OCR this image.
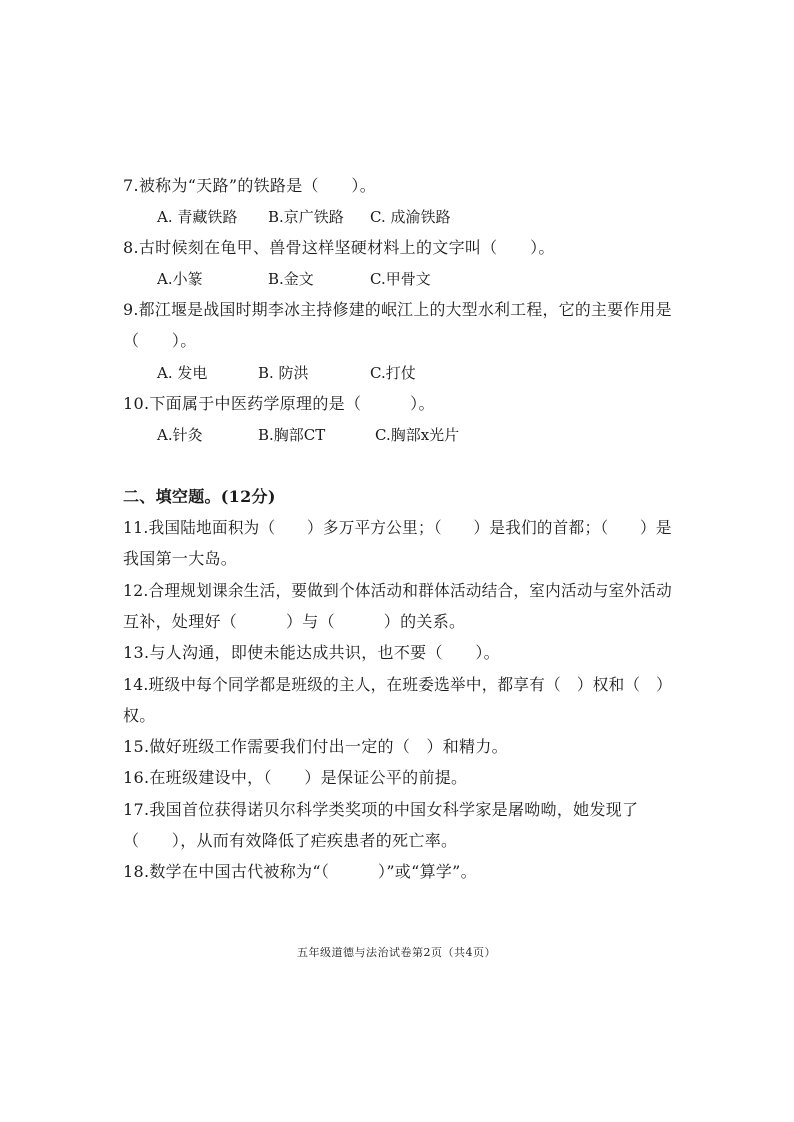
7.被称为“天路”的铁路是（　　）。
A. 青藏铁路 B.京广铁路 C. 成渝铁路
8.古时候刻在龟甲、兽骨这样坚硬材料上的文字叫（　　）。
A.小篆	B.金文	C.甲骨文
9.都江堰是战国时期李冰主持修建的岷江上的大型水利工程，它的主要作用是
（　　）。
A. 发电	B. 防洪	C.打仗
10.下面属于中医药学原理的是（　　　）。
A.针灸	B.胸部CT	C.胸部x光片
二、填空题。(12分)
11.我国陆地面积为（　　）多万平方公里；（　　）是我们的首都；（　　）是
我国第一大岛。
12.合理规划课余生活，要做到个体活动和群体活动结合，室内活动与室外活动
互补，处理好（　　　）与（　　　）的关系。
13.与人沟通，即使未能达成共识，也不要（　　）。
14.班级中每个同学都是班级的主人，在班委选举中，都享有（　）权和（　）
权。
15.做好班级工作需要我们付出一定的（　）和精力。
16.在班级建设中，（　　）是保证公平的前提。
17.我国首位获得诺贝尔科学类奖项的中国女科学家是屠呦呦，她发现了
（　　），从而有效降低了疟疾患者的死亡率。
18.数学在中国古代被称为“（　　　）”或“算学”。
五年级道德与法治试卷第2页（共4页）
